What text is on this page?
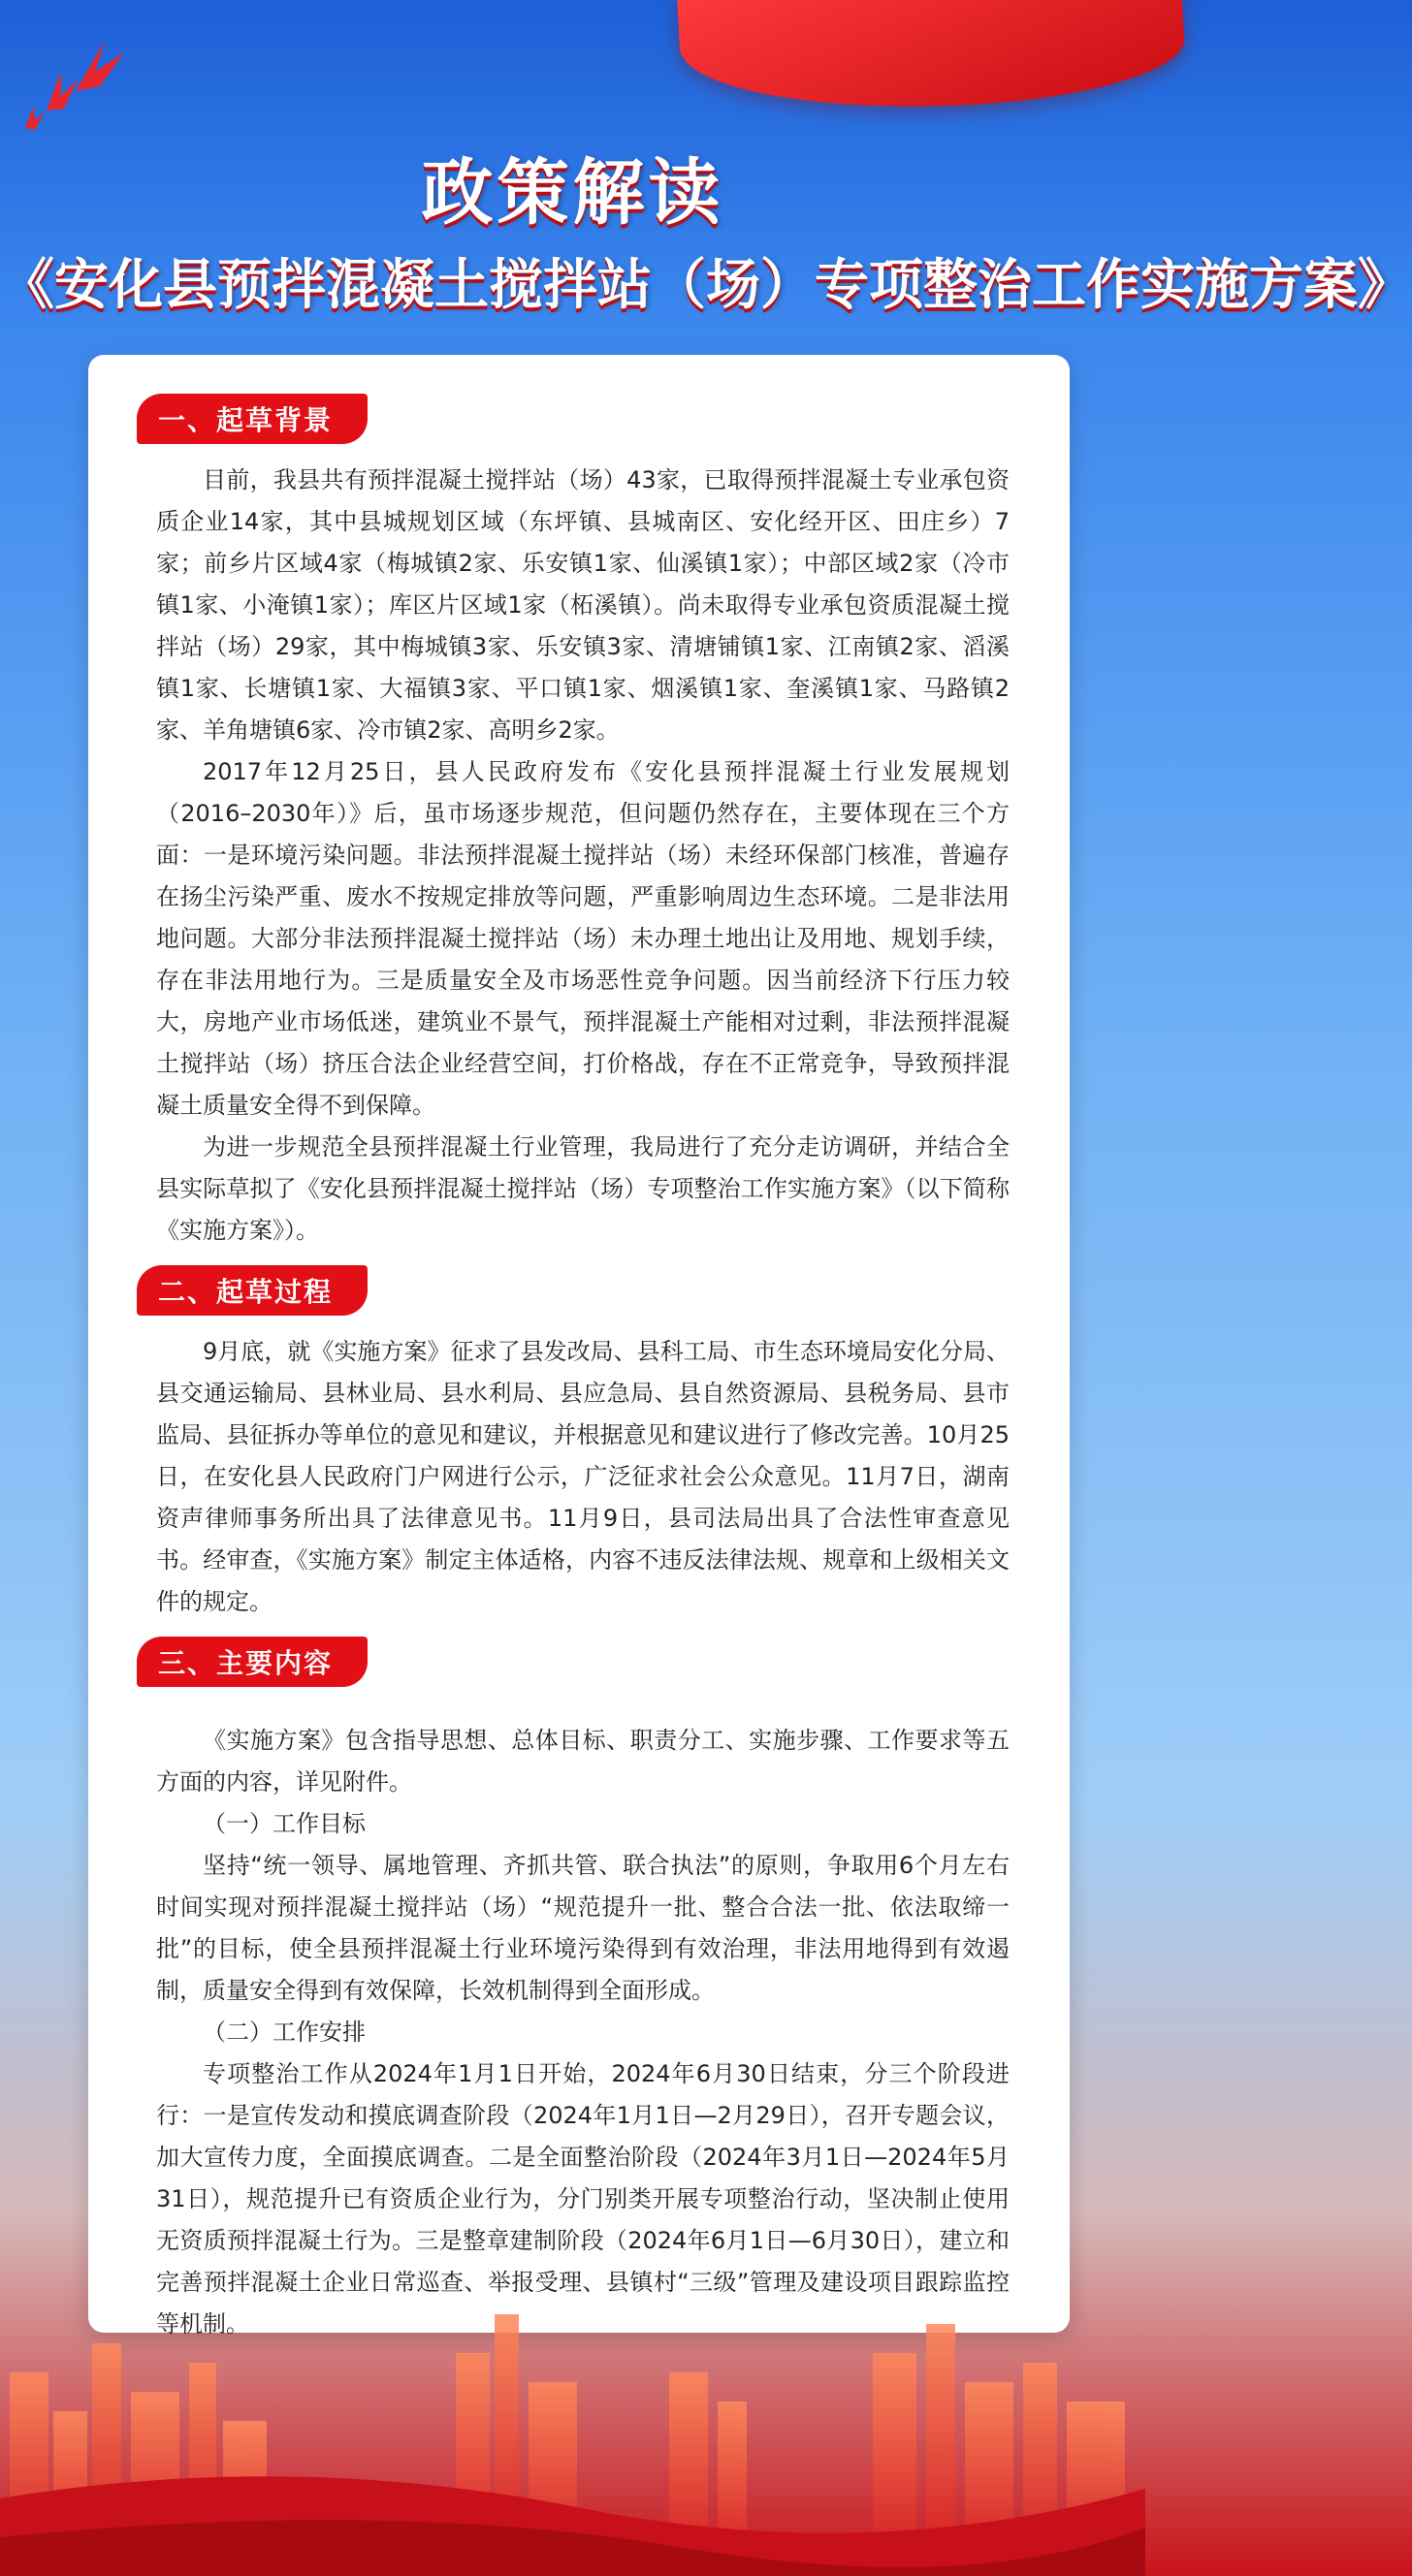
政策解读
《安化县预拌混凝土搅拌站（场）专项整治工作实施方案》
一、起草背景

目前，我县共有预拌混凝土搅拌站（场）43家，已取得预拌混凝土专业承包资质企业14家，其中县城规划区域（东坪镇、县城南区、安化经开区、田庄乡）7家；前乡片区域4家（梅城镇2家、乐安镇1家、仙溪镇1家）；中部区域2家（冷市镇1家、小淹镇1家）；库区片区域1家（柘溪镇）。尚未取得专业承包资质混凝土搅拌站（场）29家，其中梅城镇3家、乐安镇3家、清塘铺镇1家、江南镇2家、滔溪镇1家、长塘镇1家、大福镇3家、平口镇1家、烟溪镇1家、奎溪镇1家、马路镇2家、羊角塘镇6家、冷市镇2家、高明乡2家。

2017年12月25日，县人民政府发布《安化县预拌混凝土行业发展规划（2016–2030年）》后，虽市场逐步规范，但问题仍然存在，主要体现在三个方面：一是环境污染问题。非法预拌混凝土搅拌站（场）未经环保部门核准，普遍存在扬尘污染严重、废水不按规定排放等问题，严重影响周边生态环境。二是非法用地问题。大部分非法预拌混凝土搅拌站（场）未办理土地出让及用地、规划手续，存在非法用地行为。三是质量安全及市场恶性竞争问题。因当前经济下行压力较大，房地产业市场低迷，建筑业不景气，预拌混凝土产能相对过剩，非法预拌混凝土搅拌站（场）挤压合法企业经营空间，打价格战，存在不正常竞争，导致预拌混凝土质量安全得不到保障。

为进一步规范全县预拌混凝土行业管理，我局进行了充分走访调研，并结合全县实际草拟了《安化县预拌混凝土搅拌站（场）专项整治工作实施方案》（以下简称《实施方案》）。

二、起草过程

9月底，就《实施方案》征求了县发改局、县科工局、市生态环境局安化分局、县交通运输局、县林业局、县水利局、县应急局、县自然资源局、县税务局、县市监局、县征拆办等单位的意见和建议，并根据意见和建议进行了修改完善。10月25日，在安化县人民政府门户网进行公示，广泛征求社会公众意见。11月7日，湖南资声律师事务所出具了法律意见书。11月9日，县司法局出具了合法性审查意见书。经审查，《实施方案》制定主体适格，内容不违反法律法规、规章和上级相关文件的规定。

三、主要内容

《实施方案》包含指导思想、总体目标、职责分工、实施步骤、工作要求等五方面的内容，详见附件。

（一）工作目标

坚持“统一领导、属地管理、齐抓共管、联合执法”的原则，争取用6个月左右时间实现对预拌混凝土搅拌站（场）“规范提升一批、整合合法一批、依法取缔一批”的目标，使全县预拌混凝土行业环境污染得到有效治理，非法用地得到有效遏制，质量安全得到有效保障，长效机制得到全面形成。

（二）工作安排

专项整治工作从2024年1月1日开始，2024年6月30日结束，分三个阶段进行：一是宣传发动和摸底调查阶段（2024年1月1日—2月29日），召开专题会议，加大宣传力度，全面摸底调查。二是全面整治阶段（2024年3月1日—2024年5月31日），规范提升已有资质企业行为，分门别类开展专项整治行动，坚决制止使用无资质预拌混凝土行为。三是整章建制阶段（2024年6月1日—6月30日），建立和完善预拌混凝土企业日常巡查、举报受理、县镇村“三级”管理及建设项目跟踪监控等机制。
